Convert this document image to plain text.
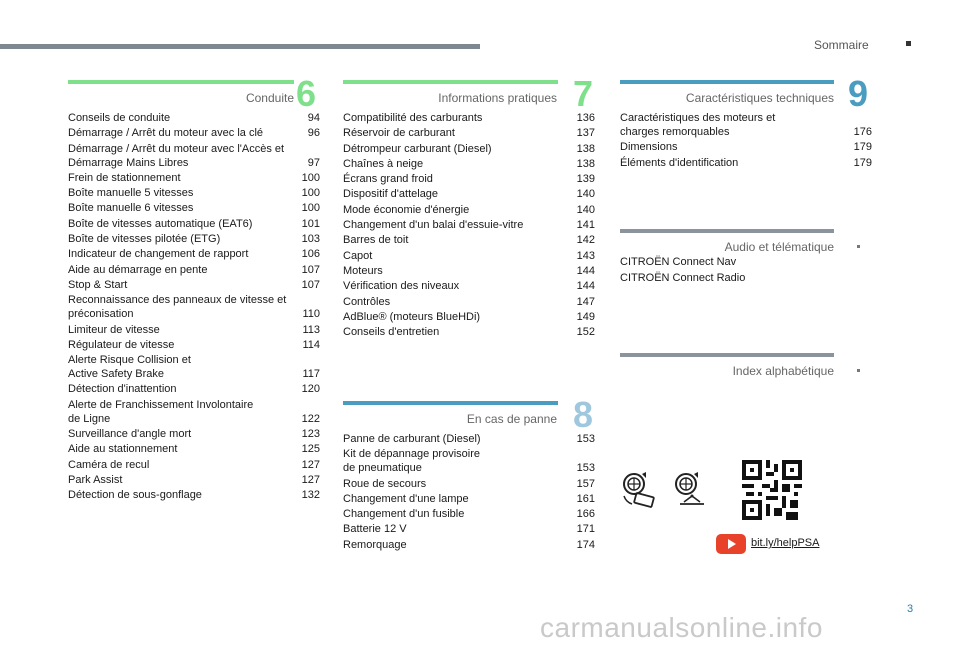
Sommaire
Conduite 6
Conseils de conduite	94
Démarrage / Arrêt du moteur avec la clé	96
Démarrage / Arrêt du moteur avec l'Accès et
Démarrage Mains Libres	97
Frein de stationnement	100
Boîte manuelle 5 vitesses	100
Boîte manuelle 6 vitesses	100
Boîte de vitesses automatique (EAT6)	101
Boîte de vitesses pilotée (ETG)	103
Indicateur de changement de rapport	106
Aide au démarrage en pente	107
Stop & Start	107
Reconnaissance des panneaux de vitesse et
préconisation	110
Limiteur de vitesse	113
Régulateur de vitesse	114
Alerte Risque Collision et
Active Safety Brake	117
Détection d'inattention	120
Alerte de Franchissement Involontaire
de Ligne	122
Surveillance d'angle mort	123
Aide au stationnement	125
Caméra de recul	127
Park Assist	127
Détection de sous-gonflage	132
Informations pratiques 7
Compatibilité des carburants	136
Réservoir de carburant	137
Détrompeur carburant (Diesel)	138
Chaînes à neige	138
Écrans grand froid	139
Dispositif d'attelage	140
Mode économie d'énergie	140
Changement d'un balai d'essuie-vitre	141
Barres de toit	142
Capot	143
Moteurs	144
Vérification des niveaux	144
Contrôles	147
AdBlue® (moteurs BlueHDi)	149
Conseils d'entretien	152
En cas de panne 8
Panne de carburant (Diesel)	153
Kit de dépannage provisoire
de pneumatique	153
Roue de secours	157
Changement d'une lampe	161
Changement d'un fusible	166
Batterie 12 V	171
Remorquage	174
Caractéristiques techniques 9
Caractéristiques des moteurs et
charges remorquables	176
Dimensions	179
Éléments d'identification	179
Audio et télématique
CITROËN Connect Nav
CITROËN Connect Radio
Index alphabétique
bit.ly/helpPSA
3
carmanualsonline.info
